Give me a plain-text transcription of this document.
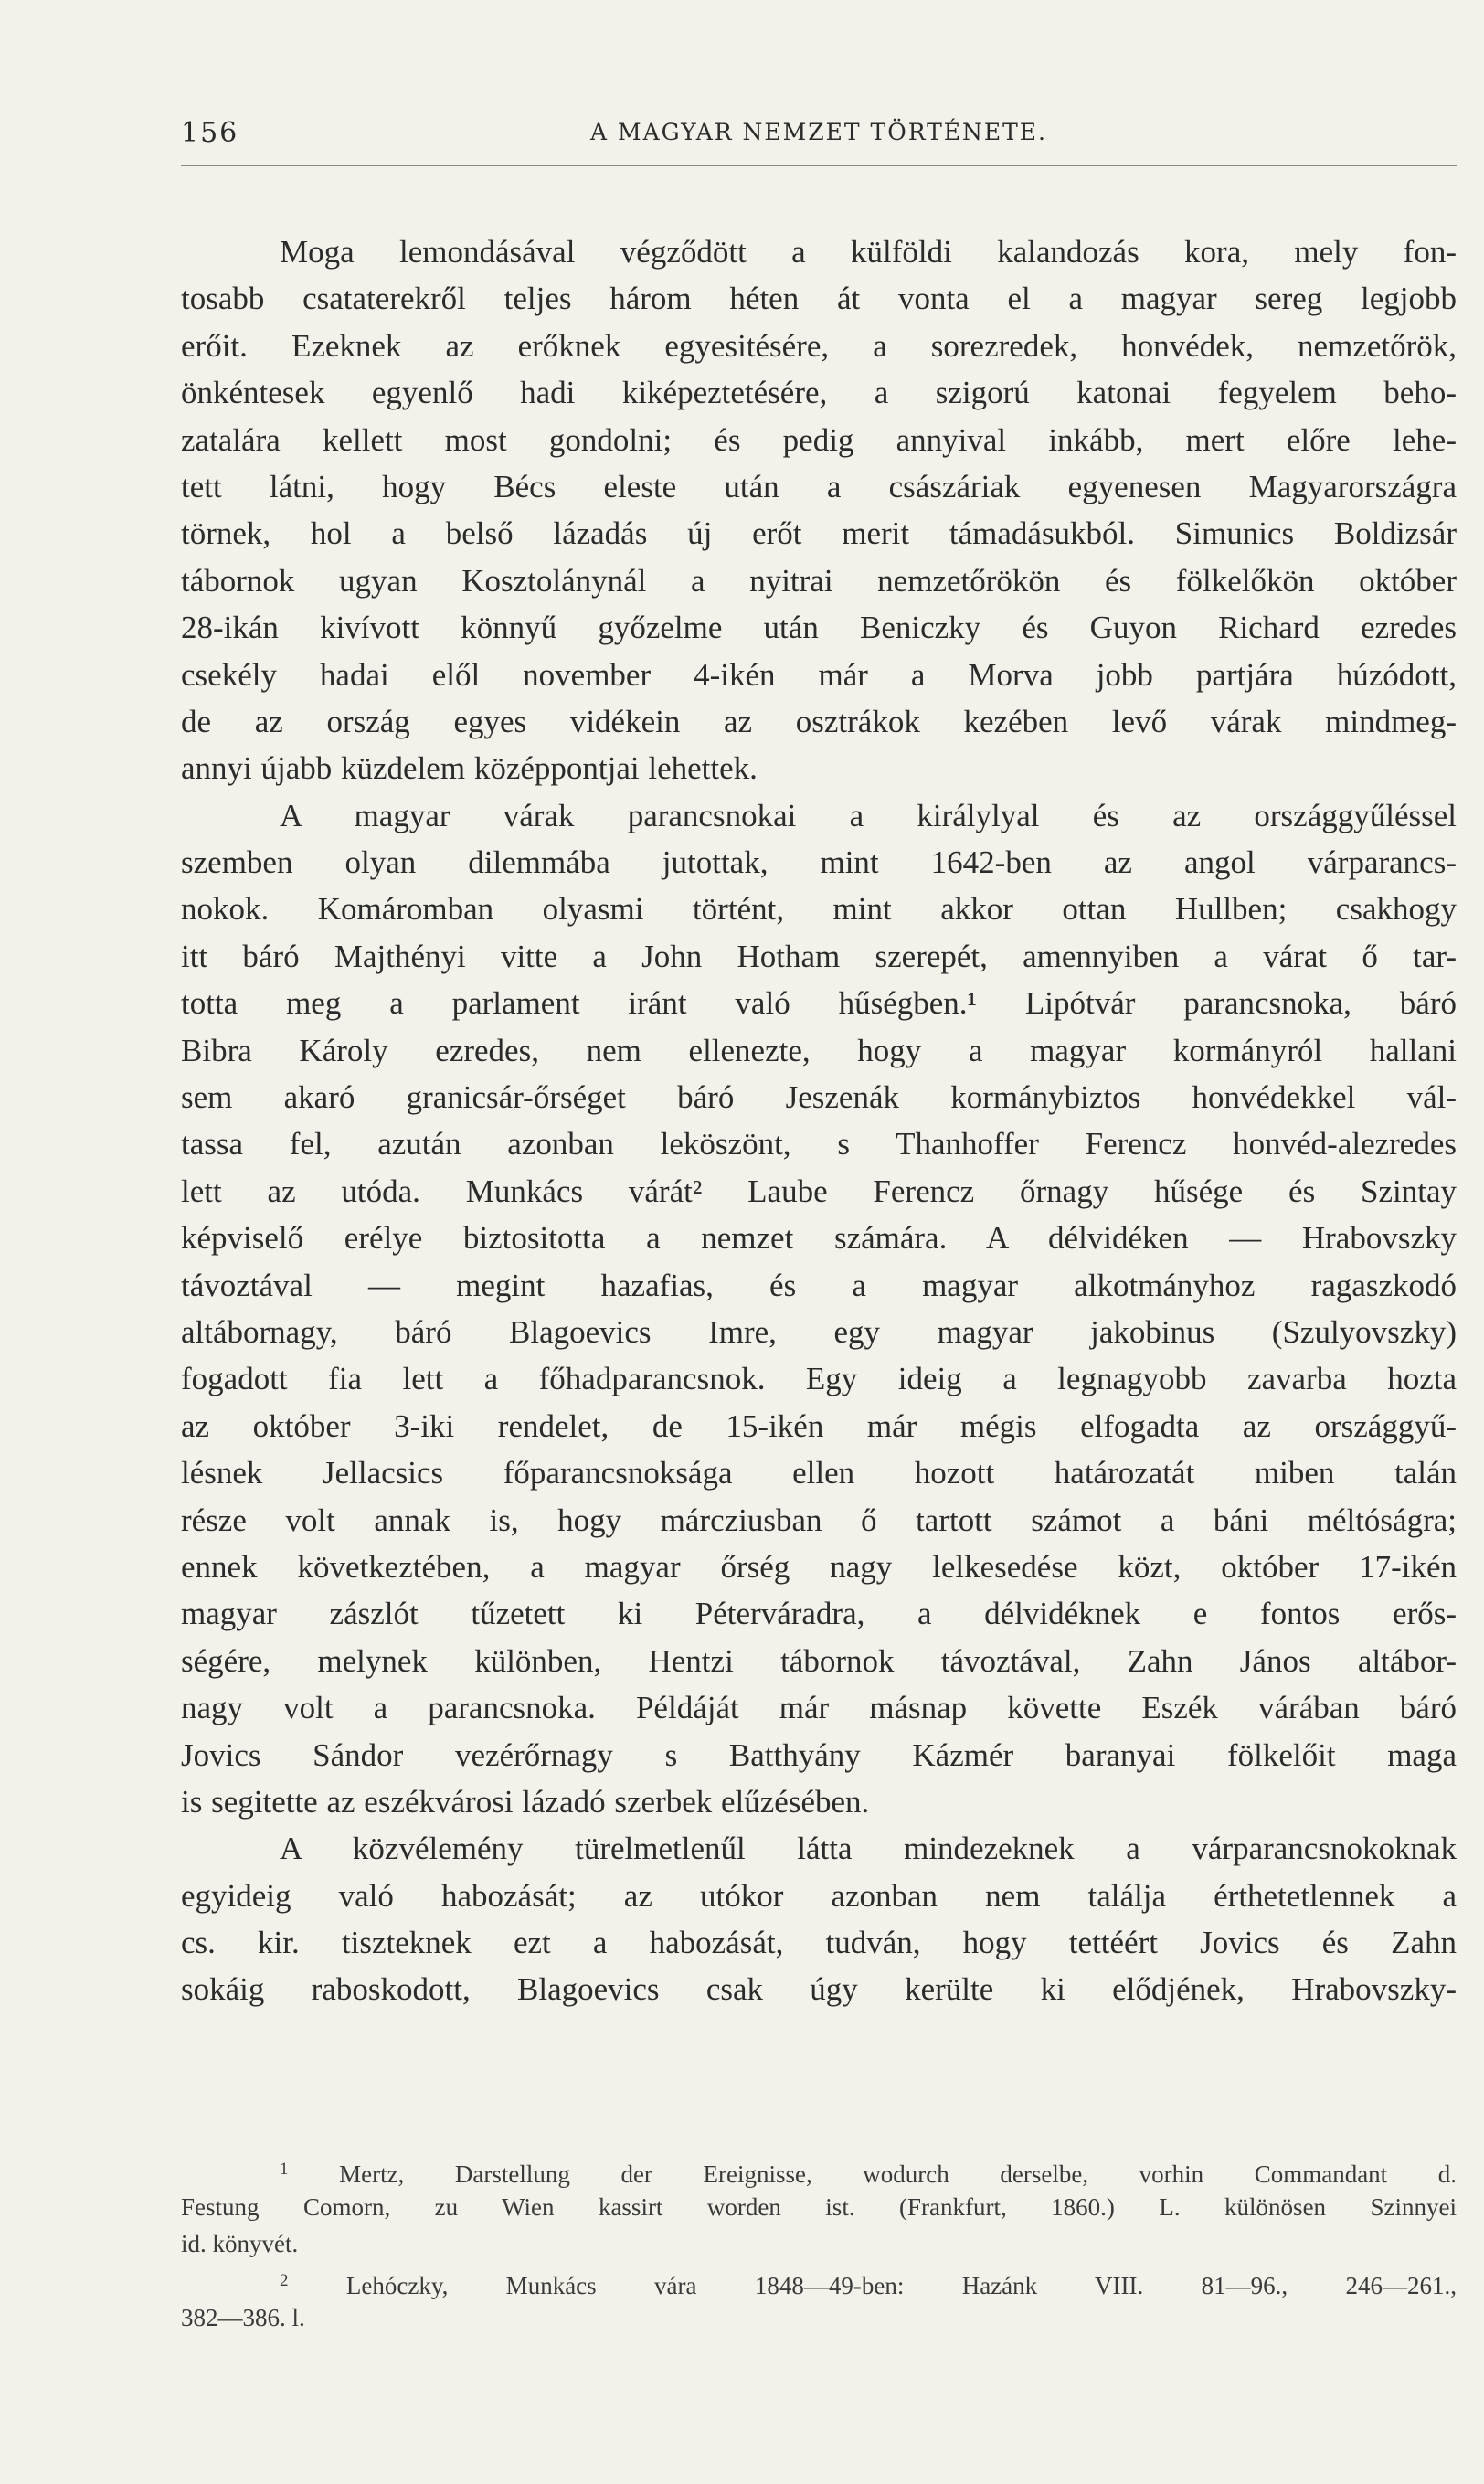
156	A MAGYAR NEMZET TÖRTÉNETE.
Moga lemondásával végződött a külföldi kalandozás kora, mely fon-
tosabb csataterekről teljes három héten át vonta el a magyar sereg legjobb
erőit. Ezeknek az erőknek egyesitésére, a sorezredek, honvédek, nemzetőrök,
önkéntesek egyenlő hadi kiképeztetésére, a szigorú katonai fegyelem beho-
zatalára kellett most gondolni; és pedig annyival inkább, mert előre lehe-
tett látni, hogy Bécs eleste után a császáriak egyenesen Magyarországra
törnek, hol a belső lázadás új erőt merit támadásukból. Simunics Boldizsár
tábornok ugyan Kosztolánynál a nyitrai nemzetőrökön és fölkelőkön október
28-ikán kivívott könnyű győzelme után Beniczky és Guyon Richard ezredes
csekély hadai elől november 4-ikén már a Morva jobb partjára húzódott,
de az ország egyes vidékein az osztrákok kezében levő várak mindmeg-
annyi újabb küzdelem középpontjai lehettek.
A magyar várak parancsnokai a királylyal és az országgyűléssel
szemben olyan dilemmába jutottak, mint 1642-ben az angol várparancs-
nokok. Komáromban olyasmi történt, mint akkor ottan Hullben; csakhogy
itt báró Majthényi vitte a John Hotham szerepét, amennyiben a várat ő tar-
totta meg a parlament iránt való hűségben.¹ Lipótvár parancsnoka, báró
Bibra Károly ezredes, nem ellenezte, hogy a magyar kormányról hallani
sem akaró granicsár-őrséget báró Jeszenák kormánybiztos honvédekkel vál-
tassa fel, azután azonban leköszönt, s Thanhoffer Ferencz honvéd-alezredes
lett az utóda. Munkács várát² Laube Ferencz őrnagy hűsége és Szintay
képviselő erélye biztositotta a nemzet számára. A délvidéken — Hrabovszky
távoztával — megint hazafias, és a magyar alkotmányhoz ragaszkodó
altábornagy, báró Blagoevics Imre, egy magyar jakobinus (Szulyovszky)
fogadott fia lett a főhadparancsnok. Egy ideig a legnagyobb zavarba hozta
az október 3-iki rendelet, de 15-ikén már mégis elfogadta az országgyű-
lésnek Jellacsics főparancsnoksága ellen hozott határozatát miben talán
része volt annak is, hogy márcziusban ő tartott számot a báni méltóságra;
ennek következtében, a magyar őrség nagy lelkesedése közt, október 17-ikén
magyar zászlót tűzetett ki Péterváradra, a délvidéknek e fontos erős-
ségére, melynek különben, Hentzi tábornok távoztával, Zahn János altábor-
nagy volt a parancsnoka. Példáját már másnap követte Eszék várában báró
Jovics Sándor vezérőrnagy s Batthyány Kázmér baranyai fölkelőit maga
is segitette az eszékvárosi lázadó szerbek elűzésében.
A közvélemény türelmetlenűl látta mindezeknek a várparancsnokoknak
egyideig való habozását; az utókor azonban nem találja érthetetlennek a
cs. kir. tiszteknek ezt a habozását, tudván, hogy tettéért Jovics és Zahn
sokáig raboskodott, Blagoevics csak úgy kerülte ki elődjének, Hrabovszky-
$^1$ Mertz, Darstellung der Ereignisse, wodurch derselbe, vorhin Commandant d.
Festung Comorn, zu Wien kassirt worden ist. (Frankfurt, 1860.) L. különösen Szinnyei
id. könyvét.
$^2$ Lehóczky, Munkács vára 1848—49-ben: Hazánk VIII. 81—96., 246—261.,
382—386. l.
